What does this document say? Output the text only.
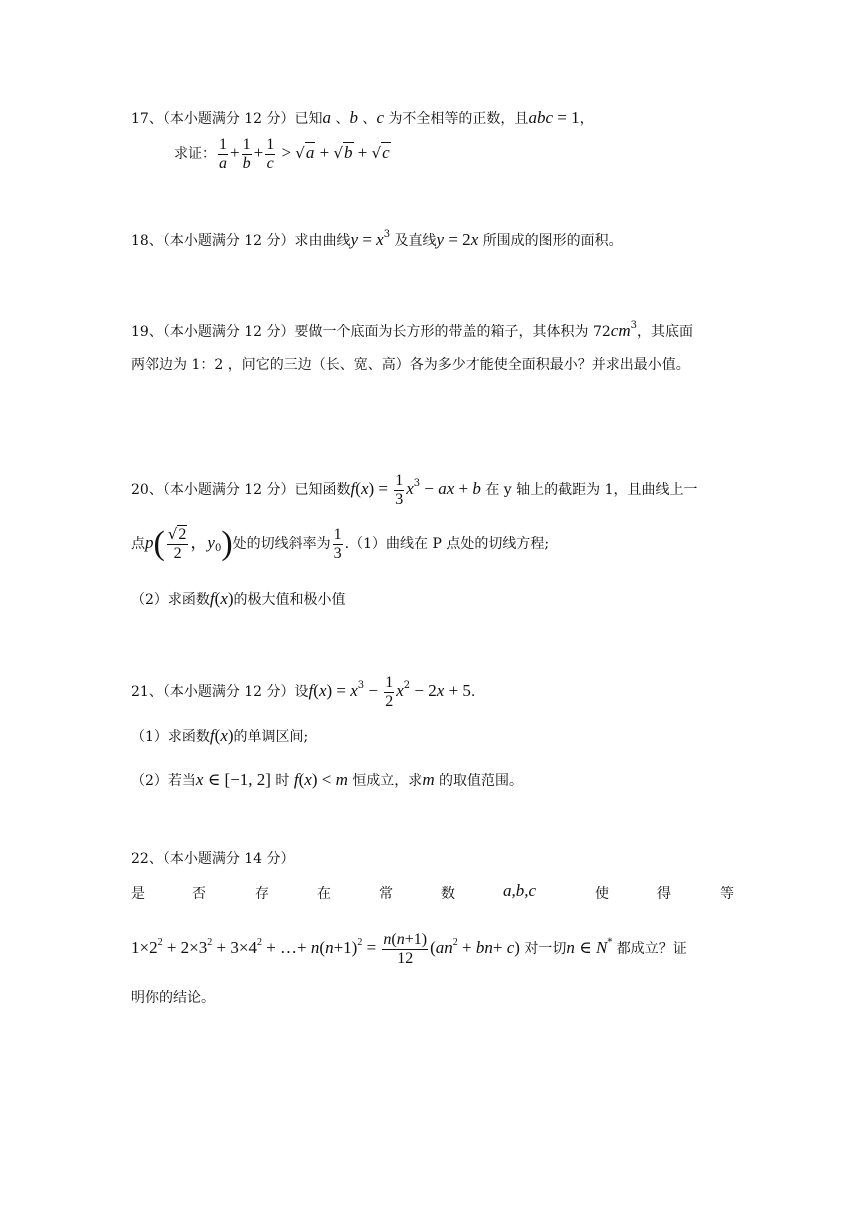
17、（本小题满分 12 分）已知a 、b 、c 为不全相等的正数，且abc = 1，
求证： $\frac{1}{a} + \frac{1}{b} + \frac{1}{c} > √a + √b + √c$
18、（本小题满分 12 分）求由曲线$y = x^3$ 及直线y = 2x 所围成的图形的面积。
19、（本小题满分 12 分）要做一个底面为长方形的带盖的箱子，其体积为 $72cm^3$，其底面
两邻边为 1：2 ，问它的三边（长、宽、高）各为多少才能使全面积最小？并求出最小值。
20、（本小题满分 12 分）已知函数$f(x) = \frac{1}{3} x^3$ − ax + b 在 y 轴上的截距为 1，且曲线上一
点$p( \frac{√2}{2}$ ，$y_0$)处的切线斜率为 $\frac{1}{3} .(1)$曲线在 P 点处的切线方程;
（2）求函数f(x)的极大值和极小值
21、（本小题满分 12 分）设$f(x) = x^3 - \frac{1}{2} x^2 - 2x + 5$.
（1）求函数f(x)的单调区间;
（2）若当x ∈ [−1, 2] 时 f(x) < m 恒成立，求m 的取值范围。
22、（本小题满分 14 分）
是	否	存	在	常	数	a,b,c	使	得	等
$1\times 2^2 + 2\times 3^2 + 3\times 4^2$ + …+ $n(n+1)^2 = \frac{n(n+1)}{12} (an^2 + bn+ c)$ 对一切n ∈ N* 都成立？证
明你的结论。
